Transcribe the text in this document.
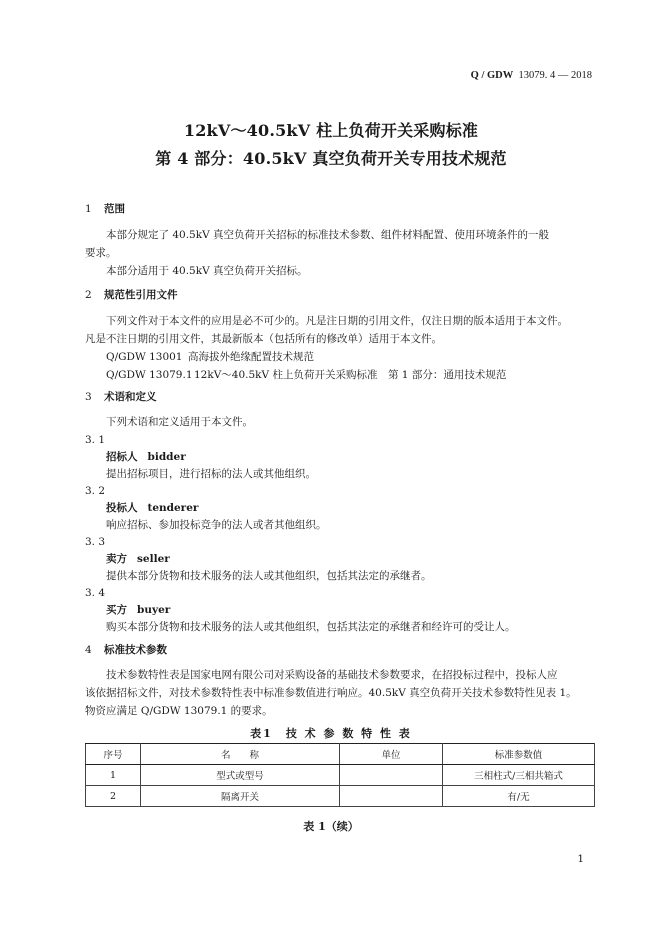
Q / GDW 13079. 4 — 2018
12kV～40.5kV 柱上负荷开关采购标准
第 4 部分：40.5kV 真空负荷开关专用技术规范
1 范围
本部分规定了 40.5kV 真空负荷开关招标的标准技术参数、组件材料配置、使用环境条件的一般
要求。
本部分适用于 40.5kV 真空负荷开关招标。
2 规范性引用文件
下列文件对于本文件的应用是必不可少的。凡是注日期的引用文件，仅注日期的版本适用于本文件。
凡是不注日期的引用文件，其最新版本（包括所有的修改单）适用于本文件。
Q/GDW 13001 高海拔外绝缘配置技术规范
Q/GDW 13079.112kV～40.5kV 柱上负荷开关采购标准　第 1 部分：通用技术规范
3 术语和定义
下列术语和定义适用于本文件。
3. 1
招标人 bidder
提出招标项目，进行招标的法人或其他组织。
3. 2
投标人 tenderer
响应招标、参加投标竞争的法人或者其他组织。
3. 3
卖方 seller
提供本部分货物和技术服务的法人或其他组织，包括其法定的承继者。
3. 4
买方 buyer
购买本部分货物和技术服务的法人或其他组织，包括其法定的承继者和经许可的受让人。
4 标准技术参数
技术参数特性表是国家电网有限公司对采购设备的基础技术参数要求，在招投标过程中，投标人应
该依据招标文件，对技术参数特性表中标准参数值进行响应。40.5kV 真空负荷开关技术参数特性见表 1。
物资应满足 Q/GDW 13079.1 的要求。
表1　技 术 参 数 特 性 表
序号	名　　称	单位	标准参数值
1	型式或型号		三相柱式/三相共箱式
2	隔离开关		有/无
表 1（续）
1
